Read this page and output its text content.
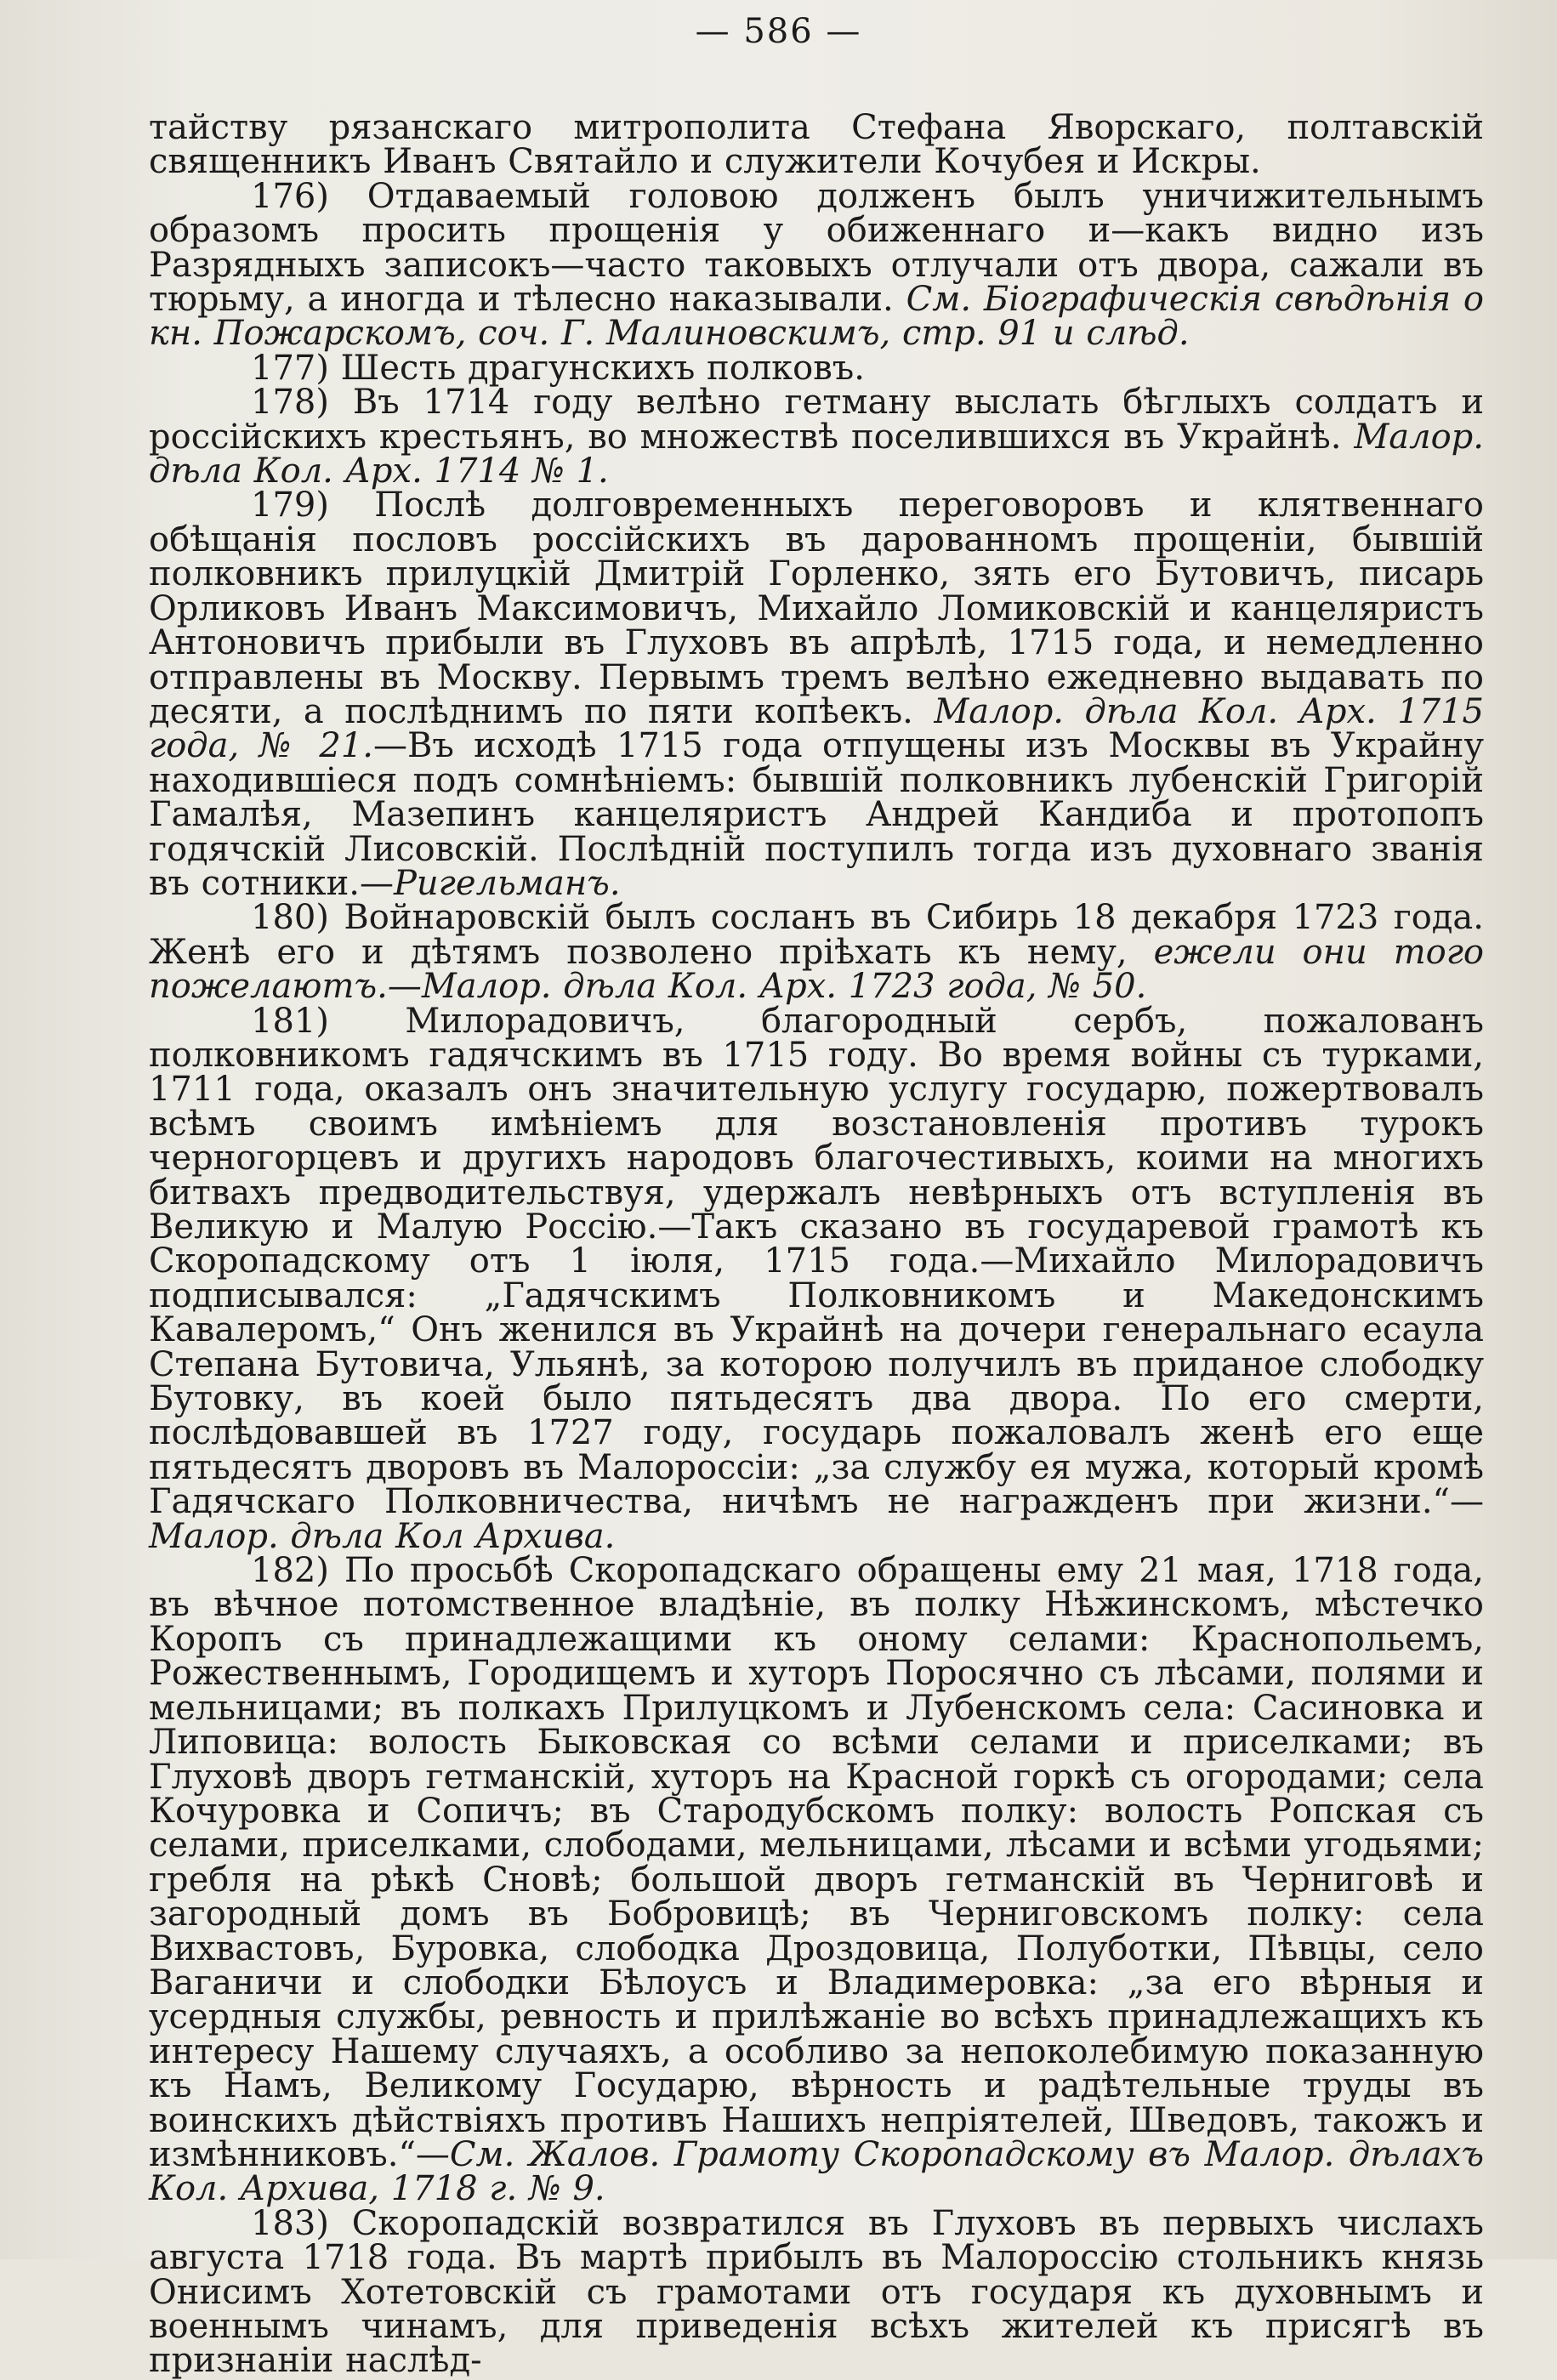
— 586 —

тайству рязанскаго митрополита Стефана Яворскаго, полтавскій священникъ Иванъ Святайло и служители Кочубея и Искры.

176) Отдаваемый головою долженъ былъ уничижительнымъ образомъ просить прощенія у обиженнаго и—какъ видно изъ Разрядныхъ записокъ—часто таковыхъ отлучали отъ двора, сажали въ тюрьму, а иногда и тѣлесно наказывали. См. Біографическія свѣдѣнія о кн. Пожарскомъ, соч. Г. Малиновскимъ, стр. 91 и слѣд.

177) Шесть драгунскихъ полковъ.

178) Въ 1714 году велѣно гетману выслать бѣглыхъ солдатъ и россійскихъ крестьянъ, во множествѣ поселившихся въ Украйнѣ. Малор. дѣла Кол. Арх. 1714 № 1.

179) Послѣ долговременныхъ переговоровъ и клятвеннаго обѣщанія пословъ россійскихъ въ дарованномъ прощеніи, бывшій полковникъ прилуцкій Дмитрій Горленко, зять его Бутовичъ, писарь Орликовъ Иванъ Максимовичъ, Михайло Ломиковскій и канцеляристъ Антоновичъ прибыли въ Глуховъ въ апрѣлѣ, 1715 года, и немедленно отправлены въ Москву. Первымъ тремъ велѣно ежедневно выдавать по десяти, а послѣднимъ по пяти копѣекъ. Малор. дѣла Кол. Арх. 1715 года, № 21.—Въ исходѣ 1715 года отпущены изъ Москвы въ Украйну находившіеся подъ сомнѣніемъ: бывшій полковникъ лубенскій Григорій Гамалѣя, Мазепинъ канцеляристъ Андрей Кандиба и протопопъ годячскій Лисовскій. Послѣдній поступилъ тогда изъ духовнаго званія въ сотники.—Ригельманъ.

180) Войнаровскій былъ сосланъ въ Сибирь 18 декабря 1723 года. Женѣ его и дѣтямъ позволено пріѣхать къ нему, ежели они того пожелаютъ.—Малор. дѣла Кол. Арх. 1723 года, № 50.

181) Милорадовичъ, благородный сербъ, пожалованъ полковникомъ гадячскимъ въ 1715 году. Во время войны съ турками, 1711 года, оказалъ онъ значительную услугу государю, пожертвовалъ всѣмъ своимъ имѣніемъ для возстановленія противъ турокъ черногорцевъ и другихъ народовъ благочестивыхъ, коими на многихъ битвахъ предводительствуя, удержалъ невѣрныхъ отъ вступленія въ Великую и Малую Россію.—Такъ сказано въ государевой грамотѣ къ Скоропадскому отъ 1 іюля, 1715 года.—Михайло Милорадовичъ подписывался: „Гадячскимъ Полковникомъ и Македонскимъ Кавалеромъ,“ Онъ женился въ Украйнѣ на дочери генеральнаго есаула Степана Бутовича, Ульянѣ, за которою получилъ въ приданое слободку Бутовку, въ коей было пятьдесятъ два двора. По его смерти, послѣдовавшей въ 1727 году, государь пожаловалъ женѣ его еще пятьдесятъ дворовъ въ Малороссіи: „за службу ея мужа, который кромѣ Гадячскаго Полковничества, ничѣмъ не награжденъ при жизни.“—Малор. дѣла Кол Архива.

182) По просьбѣ Скоропадскаго обращены ему 21 мая, 1718 года, въ вѣчное потомственное владѣніе, въ полку Нѣжинскомъ, мѣстечко Коропъ съ принадлежащими къ оному селами: Краснопольемъ, Рожественнымъ, Городищемъ и хуторъ Поросячно съ лѣсами, полями и мельницами; въ полкахъ Прилуцкомъ и Лубенскомъ села: Сасиновка и Липовица: волость Быковская со всѣми селами и приселками; въ Глуховѣ дворъ гетманскій, хуторъ на Красной горкѣ съ огородами; села Кочуровка и Сопичъ; въ Стародубскомъ полку: волость Ропская съ селами, приселками, слободами, мельницами, лѣсами и всѣми угодьями; гребля на рѣкѣ Сновѣ; большой дворъ гетманскій въ Черниговѣ и загородный домъ въ Бобровицѣ; въ Черниговскомъ полку: села Вихвастовъ, Буровка, слободка Дроздовица, Полуботки, Пѣвцы, село Ваганичи и слободки Бѣлоусъ и Владимеровка: „за его вѣрныя и усердныя службы, ревность и прилѣжаніе во всѣхъ принадлежащихъ къ интересу Нашему случаяхъ, а особливо за непоколебимую показанную къ Намъ, Великому Государю, вѣрность и радѣтельные труды въ воинскихъ дѣйствіяхъ противъ Нашихъ непріятелей, Шведовъ, такожъ и измѣнниковъ.“—См. Жалов. Грамоту Скоропадскому въ Малор. дѣлахъ Кол. Архива, 1718 г. № 9.

183) Скоропадскій возвратился въ Глуховъ въ первыхъ числахъ августа 1718 года. Въ мартѣ прибылъ въ Малороссію стольникъ князь Онисимъ Хотетовскій съ грамотами отъ государя къ духовнымъ и военнымъ чинамъ, для приведенія всѣхъ жителей къ присягѣ въ признаніи наслѣд-
